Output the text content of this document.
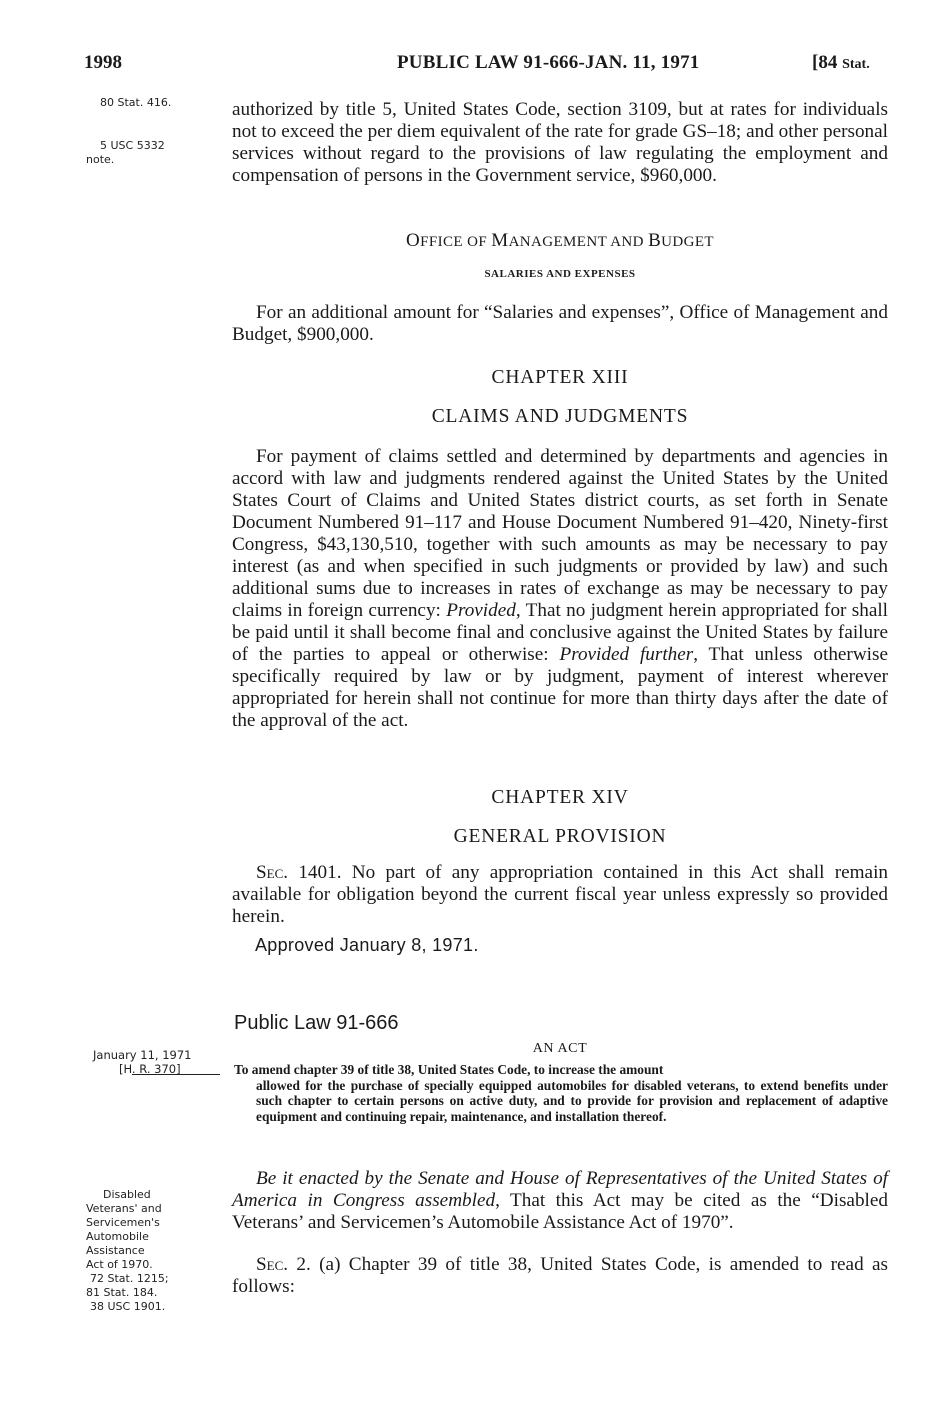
1998	PUBLIC LAW 91-666-JAN. 11, 1971	[84 Stat.
80 Stat. 416.
5 USC 5332
note.
authorized by title 5, United States Code, section 3109, but at rates for individuals not to exceed the per diem equivalent of the rate for grade GS–18; and other personal services without regard to the provisions of law regulating the employment and compensation of persons in the Government service, $960,000.
OFFICE OF MANAGEMENT AND BUDGET
SALARIES AND EXPENSES
For an additional amount for “Salaries and expenses”, Office of Management and Budget, $900,000.
CHAPTER XIII
CLAIMS AND JUDGMENTS
For payment of claims settled and determined by departments and agencies in accord with law and judgments rendered against the United States by the United States Court of Claims and United States district courts, as set forth in Senate Document Numbered 91–117 and House Document Numbered 91–420, Ninety-first Congress, $43,130,510, together with such amounts as may be necessary to pay interest (as and when specified in such judgments or provided by law) and such additional sums due to increases in rates of exchange as may be necessary to pay claims in foreign currency: Provided, That no judgment herein appropriated for shall be paid until it shall become final and conclusive against the United States by failure of the parties to appeal or otherwise: Provided further, That unless otherwise specifically required by law or by judgment, payment of interest wherever appropriated for herein shall not continue for more than thirty days after the date of the approval of the act.
CHAPTER XIV
GENERAL PROVISION
Sec. 1401. No part of any appropriation contained in this Act shall remain available for obligation beyond the current fiscal year unless expressly so provided herein.
Approved January 8, 1971.
Public Law 91-666
AN ACT
January 11, 1971
[H. R. 370]	To amend chapter 39 of title 38, United States Code, to increase the amount
allowed for the purchase of specially equipped automobiles for disabled veterans, to extend benefits under such chapter to certain persons on active duty, and to provide for provision and replacement of adaptive equipment and continuing repair, maintenance, and installation thereof.
Disabled
Veterans' and
Servicemen's
Automobile
Assistance
Act of 1970.
72 Stat. 1215;
81 Stat. 184.
38 USC 1901.
Be it enacted by the Senate and House of Representatives of the United States of America in Congress assembled, That this Act may be cited as the “Disabled Veterans’ and Servicemen’s Automobile Assistance Act of 1970”.
Sec. 2. (a) Chapter 39 of title 38, United States Code, is amended to read as follows:
